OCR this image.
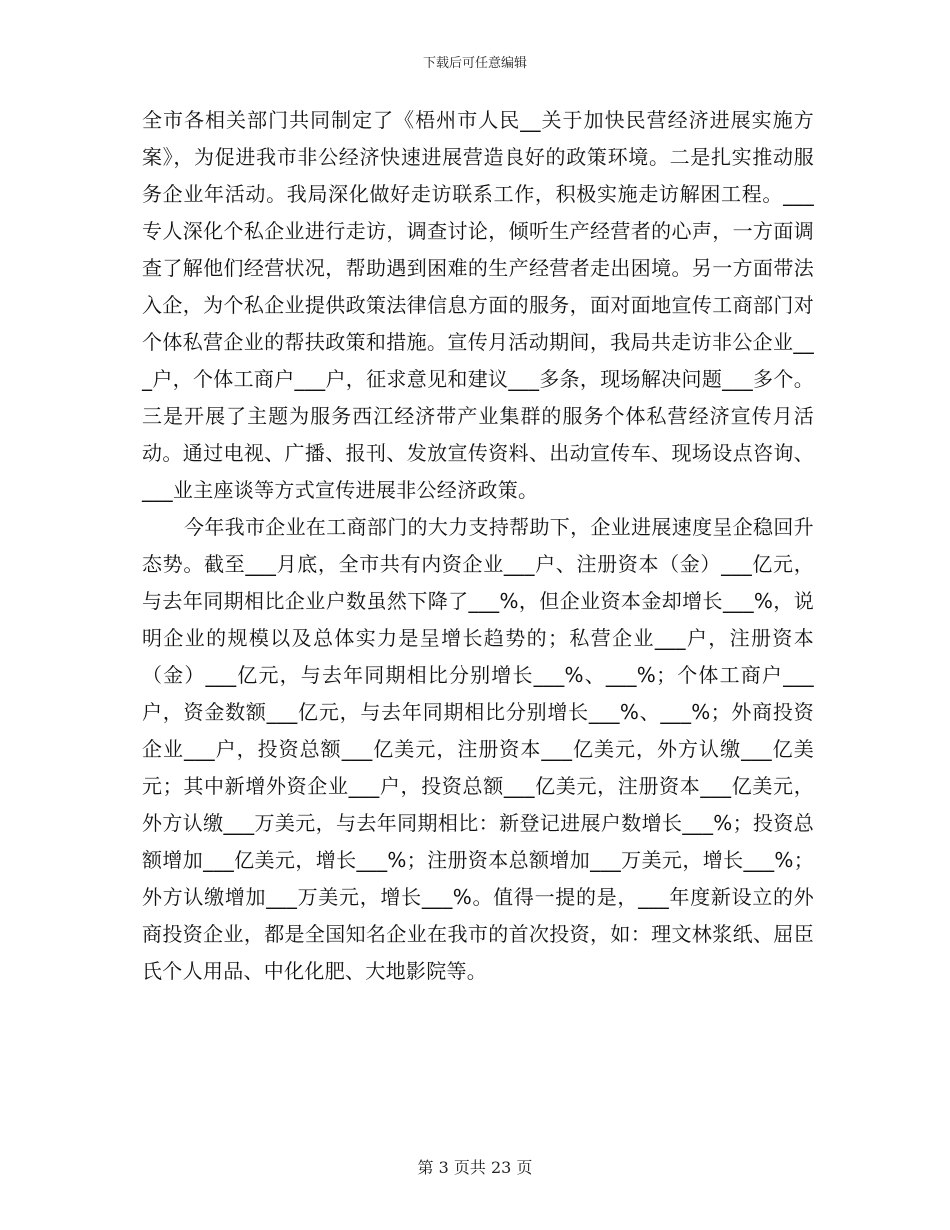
下载后可任意编辑

全市各相关部门共同制定了《梧州市人民__关于加快民营经济进展实施方案》，为促进我市非公经济快速进展营造良好的政策环境。二是扎实推动服务企业年活动。我局深化做好走访联系工作，积极实施走访解困工程。___专人深化个私企业进行走访，调查讨论，倾听生产经营者的心声，一方面调查了解他们经营状况，帮助遇到困难的生产经营者走出困境。另一方面带法入企，为个私企业提供政策法律信息方面的服务，面对面地宣传工商部门对个体私营企业的帮扶政策和措施。宣传月活动期间，我局共走访非公企业___户，个体工商户___户，征求意见和建议___多条，现场解决问题___多个。三是开展了主题为服务西江经济带产业集群的服务个体私营经济宣传月活动。通过电视、广播、报刊、发放宣传资料、出动宣传车、现场设点咨询、___业主座谈等方式宣传进展非公经济政策。

今年我市企业在工商部门的大力支持帮助下，企业进展速度呈企稳回升态势。截至___月底，全市共有内资企业___户、注册资本（金）___亿元，与去年同期相比企业户数虽然下降了___%，但企业资本金却增长___%，说明企业的规模以及总体实力是呈增长趋势的；私营企业___户，注册资本（金）___亿元，与去年同期相比分别增长___%、___%；个体工商户___户，资金数额___亿元，与去年同期相比分别增长___%、___%；外商投资企业___户，投资总额___亿美元，注册资本___亿美元，外方认缴___亿美元；其中新增外资企业___户，投资总额___亿美元，注册资本___亿美元，外方认缴___万美元，与去年同期相比：新登记进展户数增长___%；投资总额增加___亿美元，增长___%；注册资本总额增加___万美元，增长___%；外方认缴增加___万美元，增长___%。值得一提的是，___年度新设立的外商投资企业，都是全国知名企业在我市的首次投资，如：理文林浆纸、屈臣氏个人用品、中化化肥、大地影院等。

第 3 页共 23 页
